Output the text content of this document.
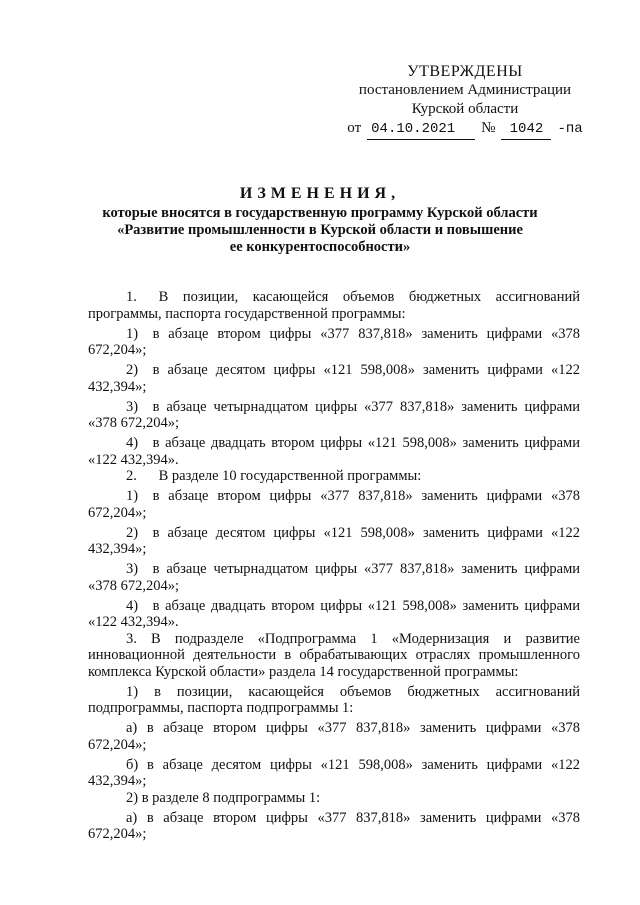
УТВЕРЖДЕНЫ
постановлением Администрации
Курской области
от 04.10.2021	№	1042	-па
ИЗМЕНЕНИЯ,
которые вносятся в государственную программу Курской области
«Развитие промышленности в Курской области и повышение
ее конкурентоспособности»

1.  В позиции, касающейся объемов бюджетных ассигнований программы, паспорта государственной программы:

1) в абзаце втором цифры «377 837,818» заменить цифрами «378 672,204»;

2) в абзаце десятом цифры «121 598,008» заменить цифрами «122 432,394»;

3) в абзаце четырнадцатом цифры «377 837,818» заменить цифрами «378 672,204»;

4) в абзаце двадцать втором цифры «121 598,008» заменить цифрами «122 432,394».

2.  В разделе 10 государственной программы:

1) в абзаце втором цифры «377 837,818» заменить цифрами «378 672,204»;

2) в абзаце десятом цифры «121 598,008» заменить цифрами «122 432,394»;

3) в абзаце четырнадцатом цифры «377 837,818» заменить цифрами «378 672,204»;

4) в абзаце двадцать втором цифры «121 598,008» заменить цифрами «122 432,394».

3. В подразделе «Подпрограмма 1 «Модернизация и развитие инновационной деятельности в обрабатывающих отраслях промышленного комплекса Курской области» раздела 14 государственной программы:

1) в позиции, касающейся объемов бюджетных ассигнований подпрограммы, паспорта подпрограммы 1:

а) в абзаце втором цифры «377 837,818» заменить цифрами «378 672,204»;

б) в абзаце десятом цифры «121 598,008» заменить цифрами «122 432,394»;

2) в разделе 8 подпрограммы 1:

а) в абзаце втором цифры «377 837,818» заменить цифрами «378 672,204»;
